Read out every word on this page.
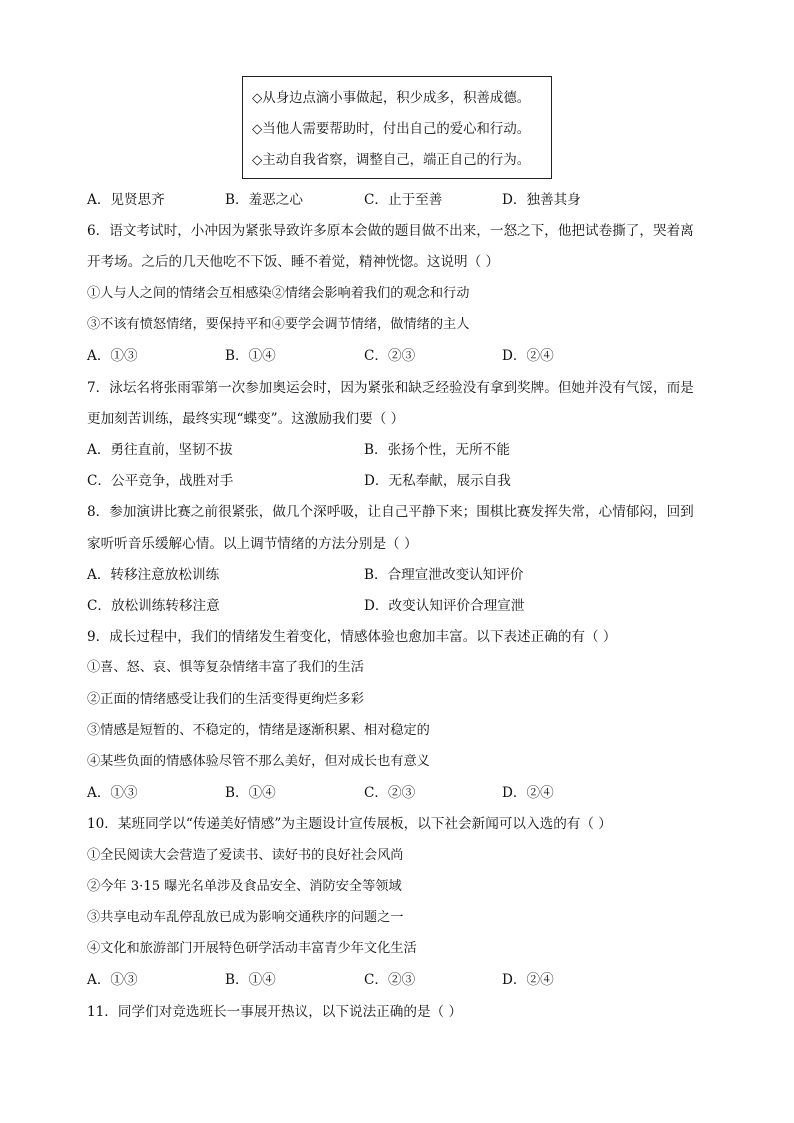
◇从身边点滴小事做起，积少成多，积善成德。
◇当他人需要帮助时，付出自己的爱心和行动。
◇主动自我省察，调整自己，端正自己的行为。
A．见贤思齐	B．羞恶之心	C．止于至善	D．独善其身
6．语文考试时，小冲因为紧张导致许多原本会做的题目做不出来，一怒之下，他把试卷撕了，哭着离
开考场。之后的几天他吃不下饭、睡不着觉，精神恍惚。这说明（ ）
①人与人之间的情绪会互相感染②情绪会影响着我们的观念和行动
③不该有愤怒情绪，要保持平和④要学会调节情绪，做情绪的主人
A．①③	B．①④	C．②③	D．②④
7．泳坛名将张雨霏第一次参加奥运会时，因为紧张和缺乏经验没有拿到奖牌。但她并没有气馁，而是
更加刻苦训练，最终实现“蝶变”。这激励我们要（ ）
A．勇往直前，坚韧不拔	B．张扬个性，无所不能
C．公平竞争，战胜对手	D．无私奉献，展示自我
8．参加演讲比赛之前很紧张，做几个深呼吸，让自己平静下来；围棋比赛发挥失常，心情郁闷，回到
家听听音乐缓解心情。以上调节情绪的方法分别是（ ）
A．转移注意放松训练	B．合理宣泄改变认知评价
C．放松训练转移注意	D．改变认知评价合理宣泄
9．成长过程中，我们的情绪发生着变化，情感体验也愈加丰富。以下表述正确的有（ ）
①喜、怒、哀、惧等复杂情绪丰富了我们的生活
②正面的情绪感受让我们的生活变得更绚烂多彩
③情感是短暂的、不稳定的，情绪是逐渐积累、相对稳定的
④某些负面的情感体验尽管不那么美好，但对成长也有意义
A．①③	B．①④	C．②③	D．②④
10．某班同学以“传递美好情感”为主题设计宣传展板，以下社会新闻可以入选的有（ ）
①全民阅读大会营造了爱读书、读好书的良好社会风尚
②今年 3·15 曝光名单涉及食品安全、消防安全等领域
③共享电动车乱停乱放已成为影响交通秩序的问题之一
④文化和旅游部门开展特色研学活动丰富青少年文化生活
A．①③	B．①④	C．②③	D．②④
11．同学们对竞选班长一事展开热议，以下说法正确的是（ ）
